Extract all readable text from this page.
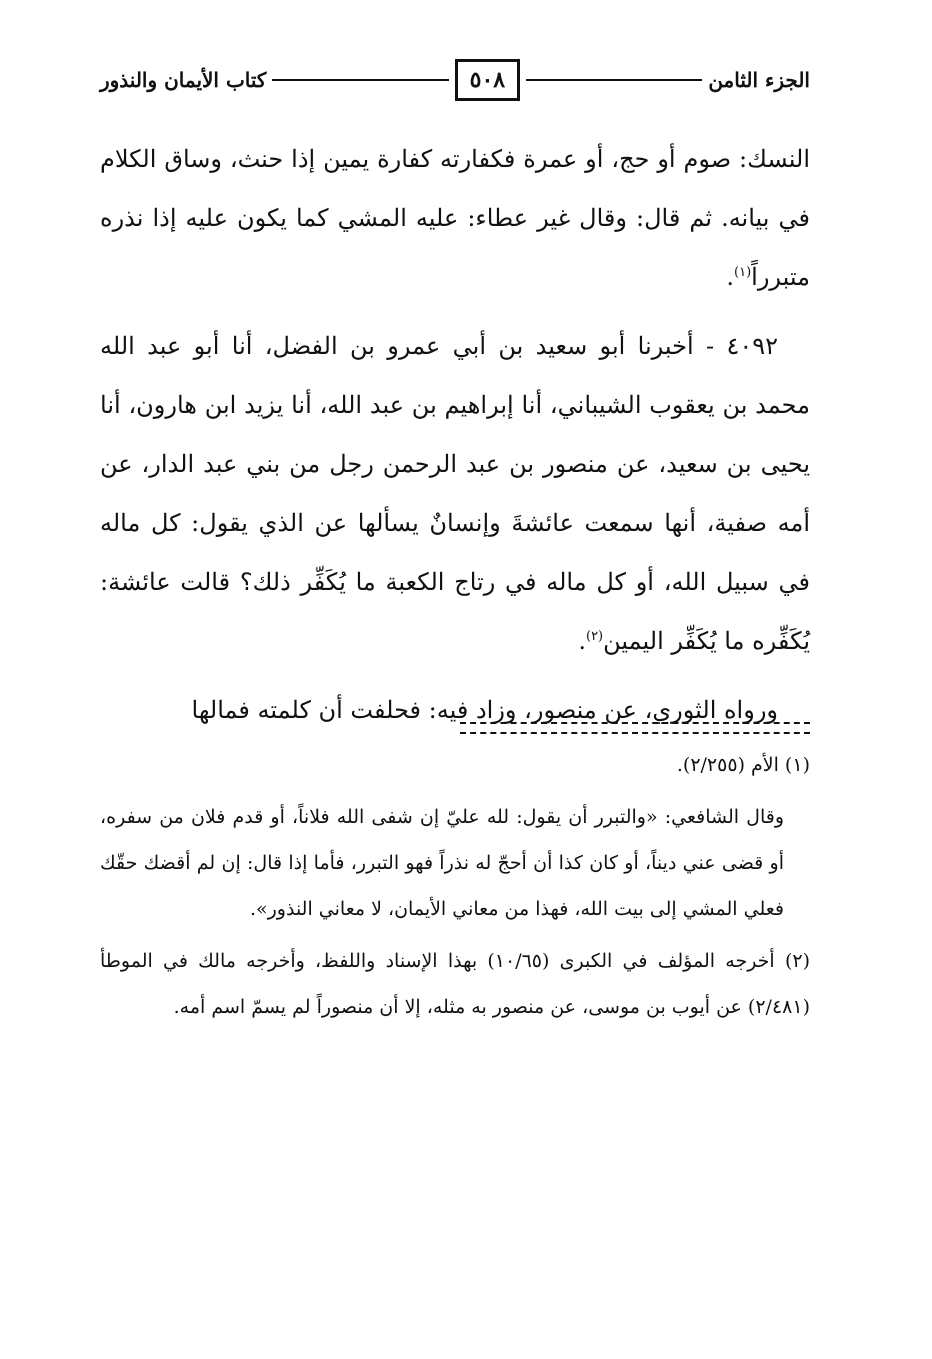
الجزء الثامن
٥٠٨
كتاب الأيمان والنذور

النسك: صوم أو حج، أو عمرة فكفارته كفارة يمين إذا حنث، وساق الكلام في بيانه. ثم قال: وقال غير عطاء: عليه المشي كما يكون عليه إذا نذره متبرراً$^{(١)}$.

٤٠٩٢ - أخبرنا أبو سعيد بن أبي عمرو بن الفضل، أنا أبو عبد الله محمد بن يعقوب الشيباني، أنا إبراهيم بن عبد الله، أنا يزيد ابن هارون، أنا يحيى بن سعيد، عن منصور بن عبد الرحمن رجل من بني عبد الدار، عن أمه صفية، أنها سمعت عائشةَ وإنسانٌ يسألها عن الذي يقول: كل ماله في سبيل الله، أو كل ماله في رتاج الكعبة ما يُكَفِّر ذلك؟ قالت عائشة: يُكَفِّره ما يُكَفِّر اليمين$^{(٢)}$.

ورواه الثوري، عن منصور، وزاد فيه: فحلفت أن كلمته فمالها

(١) الأم (٢/٢٥٥).

وقال الشافعي: «والتبرر أن يقول: لله عليّ إن شفى الله فلاناً، أو قدم فلان من سفره، أو قضى عني ديناً، أو كان كذا أن أحجّ له نذراً فهو التبرر، فأما إذا قال: إن لم أقضك حقّك فعلي المشي إلى بيت الله، فهذا من معاني الأيمان، لا معاني النذور».

(٢) أخرجه المؤلف في الكبرى (١٠/٦٥) بهذا الإسناد واللفظ، وأخرجه مالك في الموطأ (٢/٤٨١) عن أيوب بن موسى، عن منصور به مثله، إلا أن منصوراً لم يسمّ اسم أمه.
